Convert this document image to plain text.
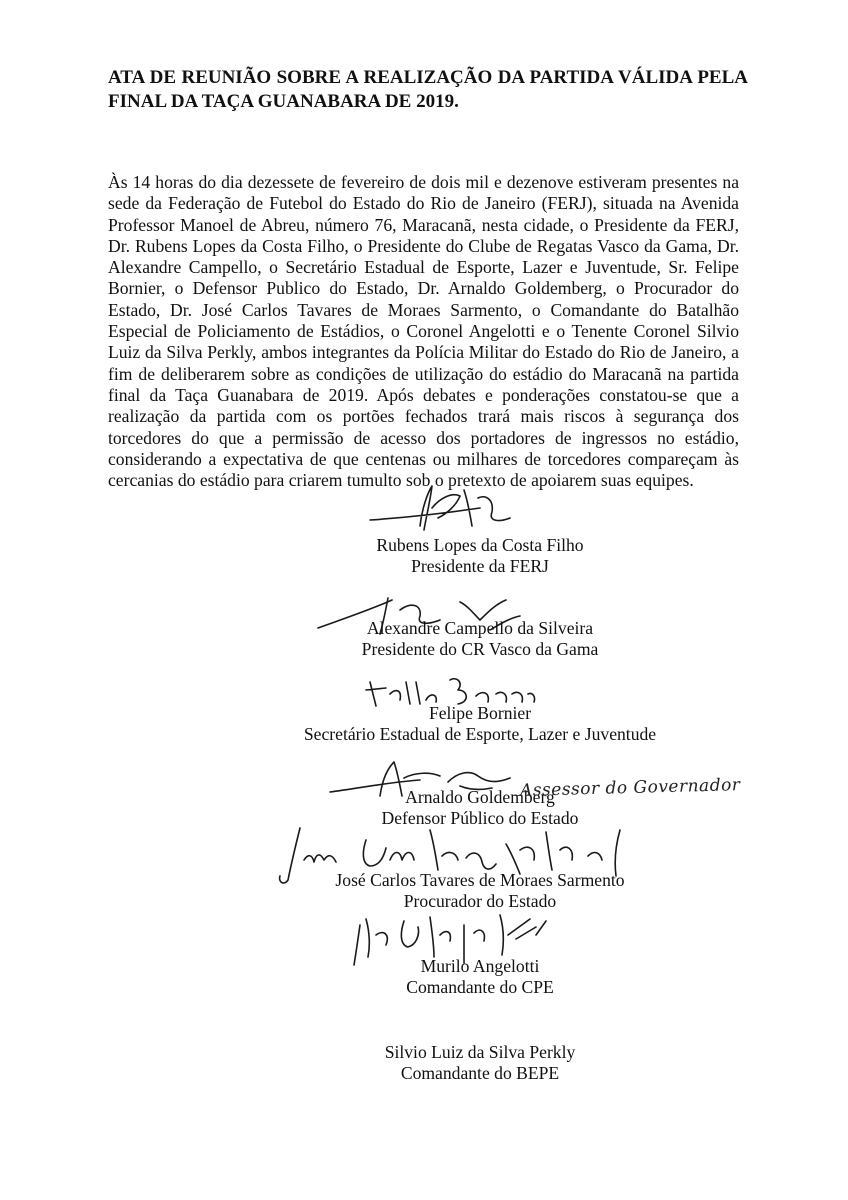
ATA DE REUNIÃO SOBRE A REALIZAÇÃO DA PARTIDA VÁLIDA PELA
FINAL DA TAÇA GUANABARA DE 2019.

Às 14 horas do dia dezessete de fevereiro de dois mil e dezenove estiveram presentes na sede da Federação de Futebol do Estado do Rio de Janeiro (FERJ), situada na Avenida Professor Manoel de Abreu, número 76, Maracanã, nesta cidade, o Presidente da FERJ, Dr. Rubens Lopes da Costa Filho, o Presidente do Clube de Regatas Vasco da Gama, Dr. Alexandre Campello, o Secretário Estadual de Esporte, Lazer e Juventude, Sr. Felipe Bornier, o Defensor Publico do Estado, Dr. Arnaldo Goldemberg, o Procurador do Estado, Dr. José Carlos Tavares de Moraes Sarmento, o Comandante do Batalhão Especial de Policiamento de Estádios, o Coronel Angelotti e o Tenente Coronel Silvio Luiz da Silva Perkly, ambos integrantes da Polícia Militar do Estado do Rio de Janeiro, a fim de deliberarem sobre as condições de utilização do estádio do Maracanã na partida final da Taça Guanabara de 2019. Após debates e ponderações constatou-se que a realização da partida com os portões fechados trará mais riscos à segurança dos torcedores do que a permissão de acesso dos portadores de ingressos no estádio, considerando a expectativa de que centenas ou milhares de torcedores compareçam às cercanias do estádio para criarem tumulto sob o pretexto de apoiarem suas equipes.

Rubens Lopes da Costa Filho
Presidente da FERJ
Alexandre Campello da Silveira
Presidente do CR Vasco da Gama
Felipe Bornier
Secretário Estadual de Esporte, Lazer e Juventude
Arnaldo Goldemberg
Defensor Público do Estado
Assessor do Governador
José Carlos Tavares de Moraes Sarmento
Procurador do Estado
Murilo Angelotti
Comandante do CPE
Silvio Luiz da Silva Perkly
Comandante do BEPE
